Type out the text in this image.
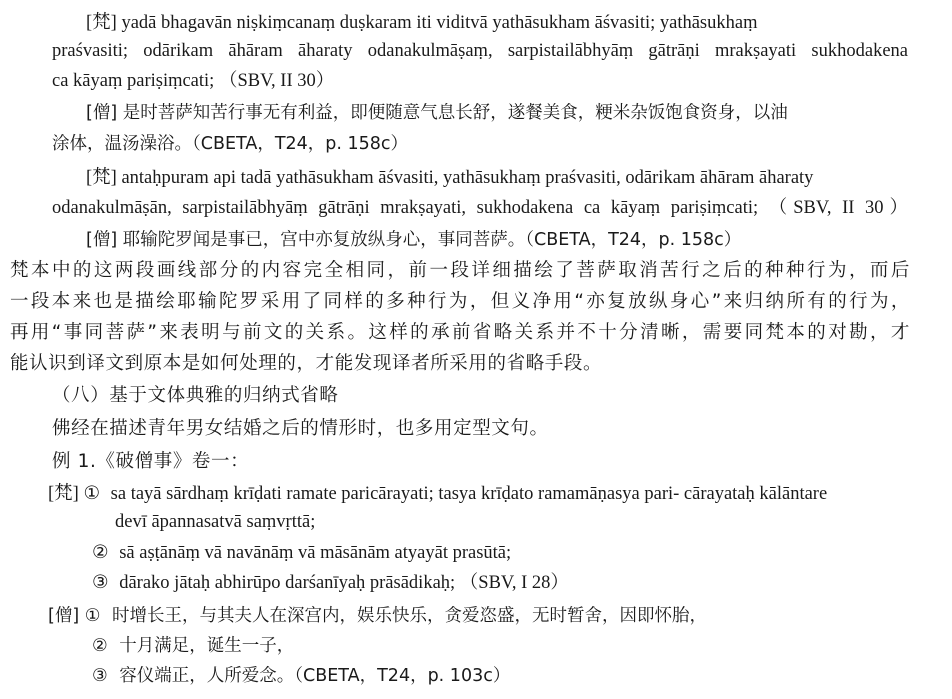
[梵] yadā bhagavān niṣkiṃcanaṃ duṣkaram iti viditvā yathāsukham āśvasiti; yathāsukhaṃ
praśvasiti; odārikam āhāram āharaty odanakulmāṣaṃ, sarpistailābhyāṃ gātrāṇi mrakṣayati sukhodakena
ca kāyaṃ pariṣiṃcati; （SBV, II 30）
[僧] 是时菩萨知苦行事无有利益，即便随意气息长舒，遂餐美食，粳米杂饭饱食资身，以油
涂体，温汤澡浴。（CBETA，T24，p. 158c）
[梵] antaḥpuram api tadā yathāsukham āśvasiti, yathāsukhaṃ praśvasiti, odārikam āhāram āharaty
odanakulmāṣān, sarpistailābhyāṃ gātrāṇi mrakṣayati, sukhodakena ca kāyaṃ pariṣiṃcati; （SBV, II 30）
[僧] 耶输陀罗闻是事已，宫中亦复放纵身心，事同菩萨。（CBETA，T24，p. 158c）
梵本中的这两段画线部分的内容完全相同，前一段详细描绘了菩萨取消苦行之后的种种行为，而后
一段本来也是描绘耶输陀罗采用了同样的多种行为，但义净用“亦复放纵身心”来归纳所有的行为，
再用“事同菩萨”来表明与前文的关系。这样的承前省略关系并不十分清晰，需要同梵本的对勘，才
能认识到译文到原本是如何处理的，才能发现译者所采用的省略手段。
（八）基于文体典雅的归纳式省略
佛经在描述青年男女结婚之后的情形时，也多用定型文句。
例 1.《破僧事》卷一：
[梵] ① sa tayā sārdhaṃ krīḍati ramate paricārayati; tasya krīḍato ramamāṇasya pari- cārayataḥ kālāntare
devī āpannasatvā saṃvṛttā;
② sā aṣṭānāṃ vā navānāṃ vā māsānām atyayāt prasūtā;
③ dārako jātaḥ abhirūpo darśanīyaḥ prāsādikaḥ; （SBV, I 28）
[僧] ① 时增长王，与其夫人在深宫内，娱乐快乐，贪爱恣盛，无时暂舍，因即怀胎，
② 十月满足，诞生一子，
③ 容仪端正，人所爱念。（CBETA，T24，p. 103c）
